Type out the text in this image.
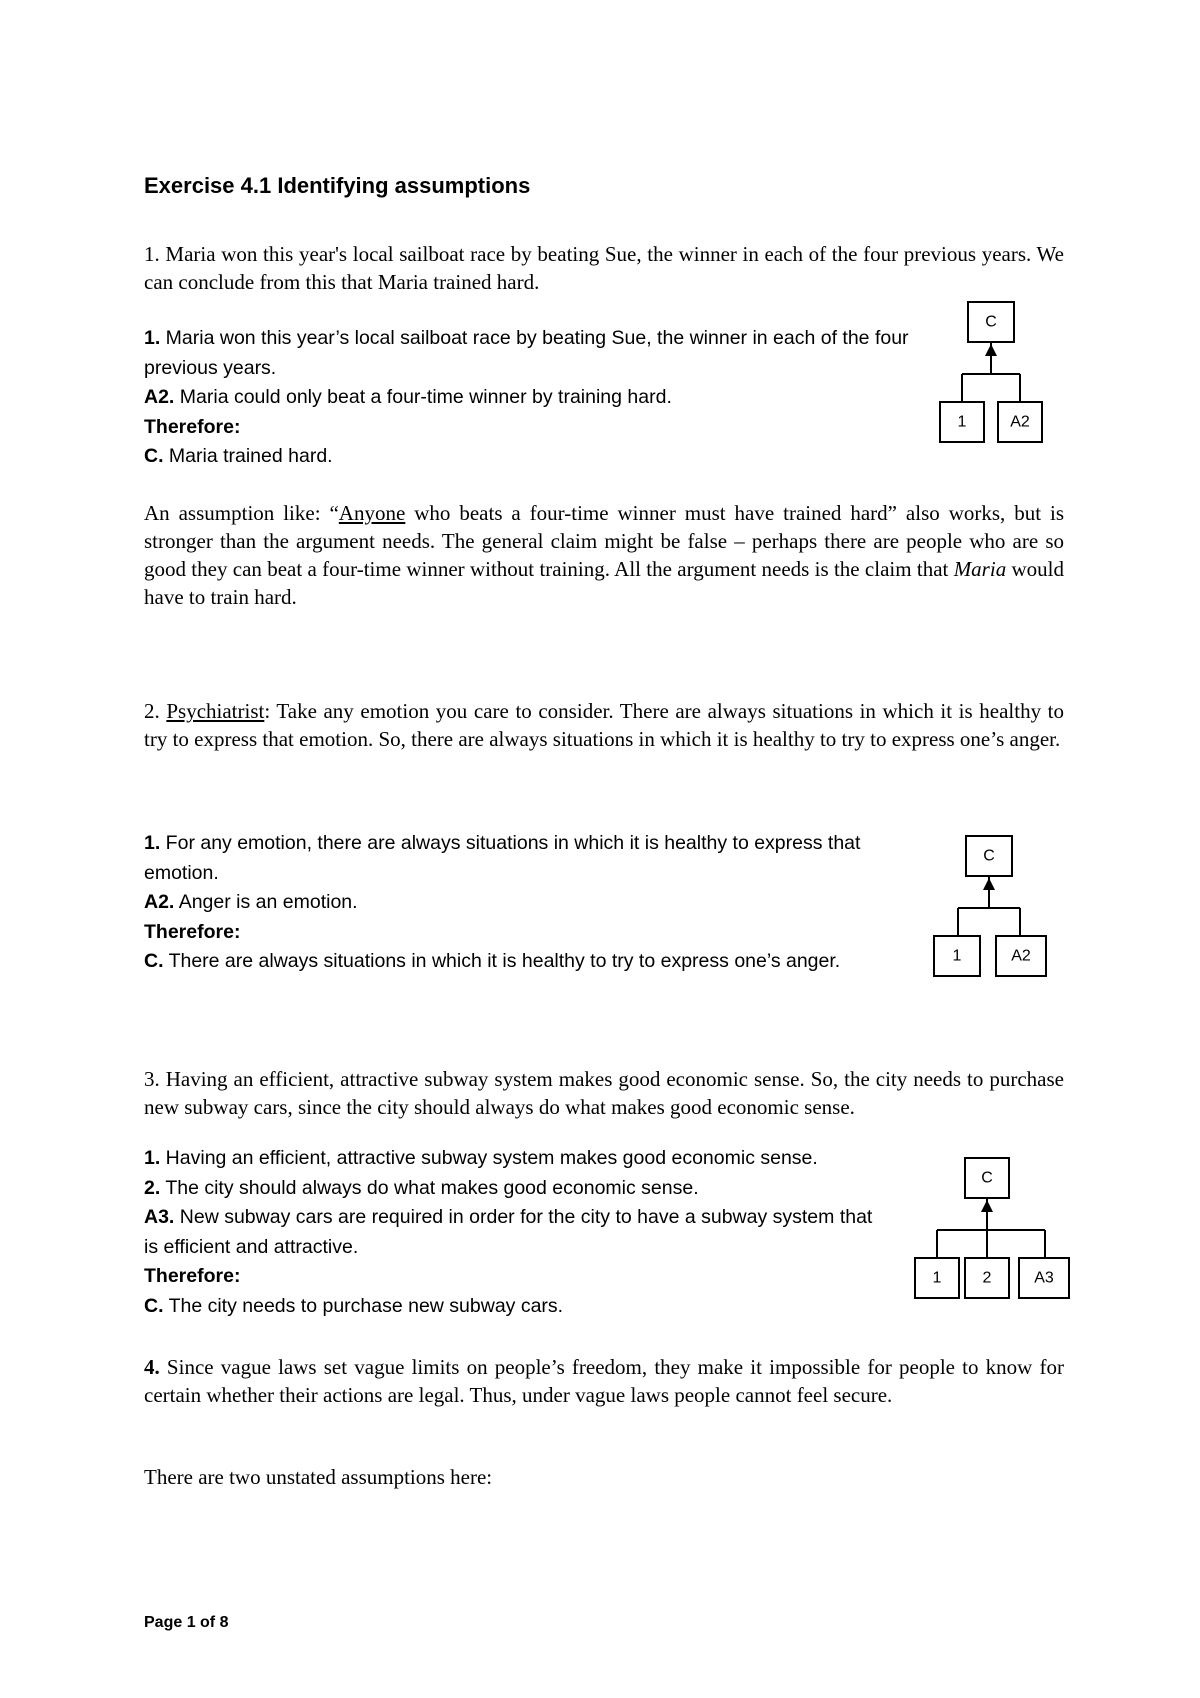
Exercise 4.1 Identifying assumptions
1. Maria won this year's local sailboat race by beating Sue, the winner in each of the four previous years. We can conclude from this that Maria trained hard.

1. Maria won this year’s local sailboat race by beating Sue, the winner in each of the four previous years.

A2. Maria could only beat a four-time winner by training hard.

Therefore:

C. Maria trained hard.

C
1	A2
An assumption like: “Anyone who beats a four-time winner must have trained hard” also works, but is stronger than the argument needs. The general claim might be false – perhaps there are people who are so good they can beat a four-time winner without training. All the argument needs is the claim that Maria would have to train hard.
2. Psychiatrist: Take any emotion you care to consider. There are always situations in which it is healthy to try to express that emotion. So, there are always situations in which it is healthy to try to express one’s anger.

1. For any emotion, there are always situations in which it is healthy to express that emotion.

A2. Anger is an emotion.

Therefore:

C. There are always situations in which it is healthy to try to express one’s anger.

C
1	A2
3. Having an efficient, attractive subway system makes good economic sense. So, the city needs to purchase new subway cars, since the city should always do what makes good economic sense.

1. Having an efficient, attractive subway system makes good economic sense.

2. The city should always do what makes good economic sense.

A3. New subway cars are required in order for the city to have a subway system that is efficient and attractive.

Therefore:

C. The city needs to purchase new subway cars.

C
1	2	A3
4. Since vague laws set vague limits on people’s freedom, they make it impossible for people to know for certain whether their actions are legal. Thus, under vague laws people cannot feel secure.
There are two unstated assumptions here:
Page 1 of 8
